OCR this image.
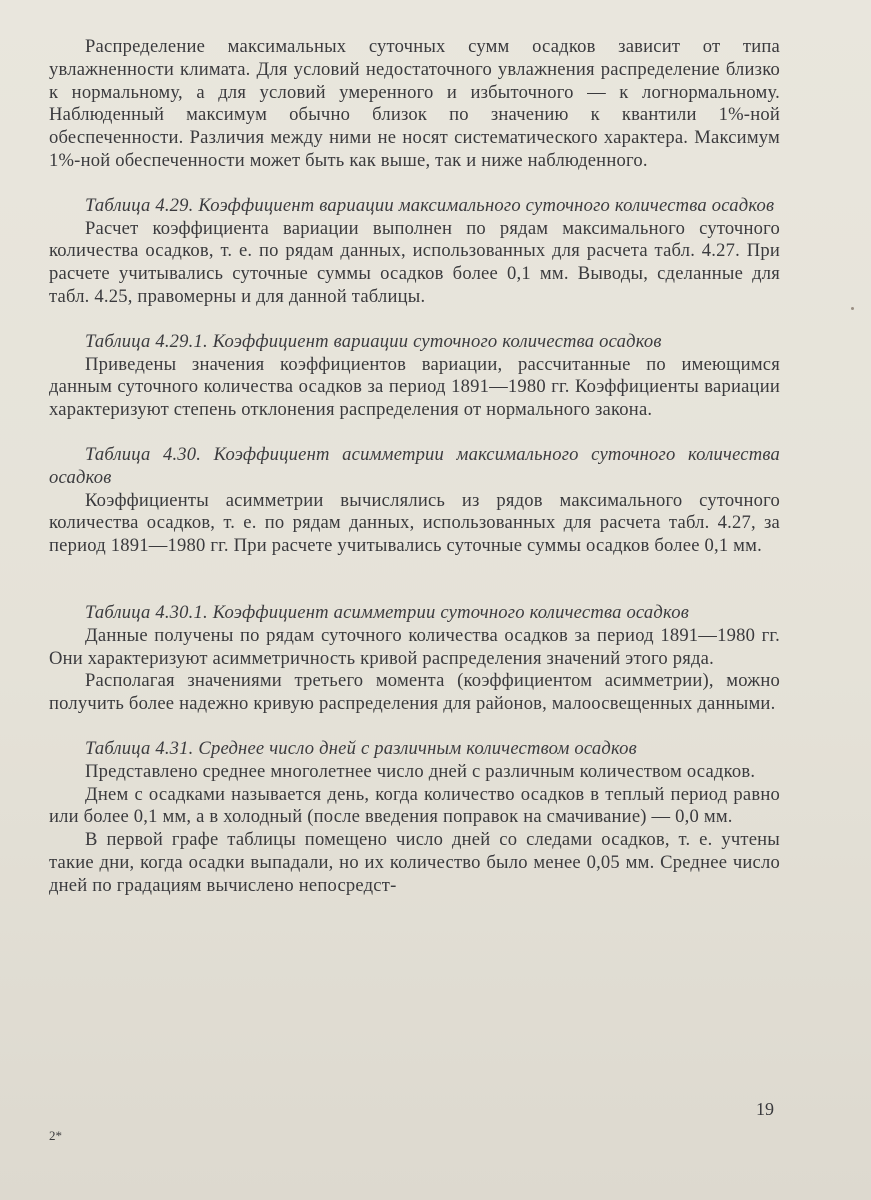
Распределение максимальных суточных сумм осадков зависит от типа увлажненности климата. Для условий недостаточного увлажнения распределение близко к нормальному, а для условий умеренного и избыточного — к логнормальному. Наблюденный максимум обычно близок по значению к квантили 1%-ной обеспеченности. Различия между ними не носят систематического характера. Максимум 1%-ной обеспеченности может быть как выше, так и ниже наблюденного.

Таблица 4.29. Коэффициент вариации максимального суточного количества осадков

Расчет коэффициента вариации выполнен по рядам максимального суточного количества осадков, т. е. по рядам данных, использованных для расчета табл. 4.27. При расчете учитывались суточные суммы осадков более 0,1 мм. Выводы, сделанные для табл. 4.25, правомерны и для данной таблицы.

Таблица 4.29.1. Коэффициент вариации суточного количества осадков

Приведены значения коэффициентов вариации, рассчитанные по имеющимся данным суточного количества осадков за период 1891—1980 гг. Коэффициенты вариации характеризуют степень отклонения распределения от нормального закона.

Таблица 4.30. Коэффициент асимметрии максимального суточного количества осадков

Коэффициенты асимметрии вычислялись из рядов максимального суточного количества осадков, т. е. по рядам данных, использованных для расчета табл. 4.27, за период 1891—1980 гг. При расчете учитывались суточные суммы осадков более 0,1 мм.

Таблица 4.30.1. Коэффициент асимметрии суточного количества осадков

Данные получены по рядам суточного количества осадков за период 1891—1980 гг. Они характеризуют асимметричность кривой распределения значений этого ряда.

Располагая значениями третьего момента (коэффициентом асимметрии), можно получить более надежно кривую распределения для районов, малоосвещенных данными.

Таблица 4.31. Среднее число дней с различным количеством осадков

Представлено среднее многолетнее число дней с различным количеством осадков.

Днем с осадками называется день, когда количество осадков в теплый период равно или более 0,1 мм, а в холодный (после введения поправок на смачивание) — 0,0 мм.

В первой графе таблицы помещено число дней со следами осадков, т. е. учтены такие дни, когда осадки выпадали, но их количество было менее 0,05 мм. Среднее число дней по градациям вычислено непосредст-

19
2*
